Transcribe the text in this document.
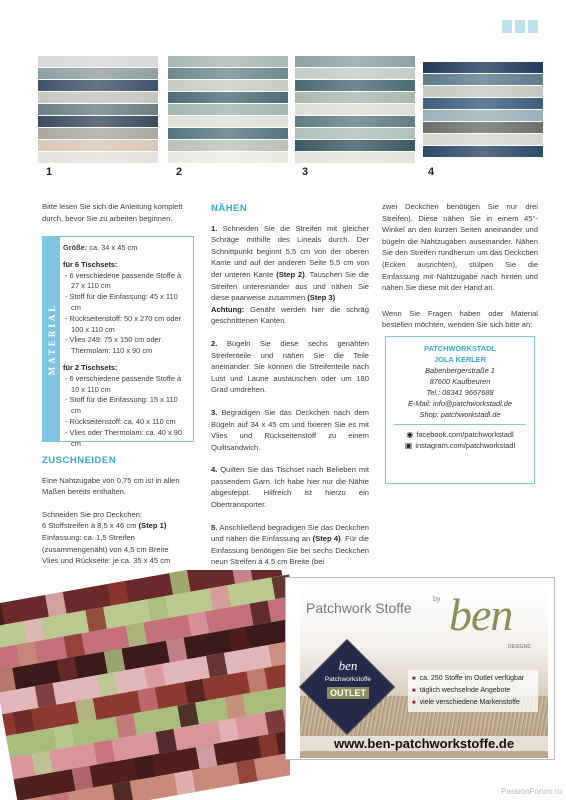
1	2	3	4

Bitte lesen Sie sich die Anleitung komplett durch, bevor Sie zu arbeiten beginnen.

MATERIAL
Größe: ca. 34 x 45 cm
für 6 Tischsets:
- 6 verschiedene passende Stoffe à 27 x 110 cm
- Stoff für die Einfassung: 45 x 110 cm
- Rückseitenstoff: 50 x 270 cm oder 100 x 110 cm
- Vlies 249: 75 x 150 cm oder Thermolam: 110 x 90 cm
für 2 Tischsets:
- 6 verschiedene passende Stoffe à 10 x 110 cm
- Stoff für die Einfassung: 15 x 110 cm
- Rückseitenstoff: ca. 40 x 110 cm
- Vlies oder Thermolam: ca. 40 x 90 cm
ZUSCHNEIDEN

Eine Nahtzugabe von 0,75 cm ist in allen Maßen bereits enthalten.

Schneiden Sie pro Deckchen:
6 Stoffstreifen à 8,5 x 46 cm (Step 1)
Einfassung: ca. 1,5 Streifen (zusammengenäht) von 4,5 cm Breite
Vlies und Rückseite: je ca. 35 x 45 cm

NÄHEN

1. Schneiden Sie die Streifen mit gleicher Schräge mithilfe des Lineals durch. Der Schnittpunkt beginnt 5,5 cm von der oberen Kante und auf der anderen Seite 5,5 cm von der unteren Kante (Step 2). Tauschen Sie die Streifen untereinander aus und nähen Sie diese paarweise zusammen (Step 3)
Achtung: Genäht werden hier die schräg geschnittenen Kanten.

2. Bügeln Sie diese sechs genähten Streifenteile und nähen Sie die Teile aneinander. Sie können die Streifenteile nach Lust und Laune austauschen oder um 180 Grad umdrehen.

3. Begradigen Sie das Deckchen nach dem Bügeln auf 34 x 45 cm und fixieren Sie es mit Vlies und Rückseitenstoff zu einem Quiltsandwich.

4. Quilten Sie das Tischset nach Belieben mit passendem Garn. Ich habe hier nur die Nähte abgesteppt. Hilfreich ist hierzu ein Obertransporter.

5. Anschließend begradigen Sie das Deckchen und nähen die Einfassung an (Step 4). Für die Einfassung benötigen Sie bei sechs Deckchen neun Streifen à 4,5 cm Breite (bei

zwei Deckchen benötigen Sie nur drei Streifen). Diese nähen Sie in einem 45°-Winkel an den kurzen Seiten aneinander und bügeln die Nahtzugaben auseinander. Nähen Sie den Streifen rundherum um das Deckchen (Ecken ausrichten), stülpen Sie die Einfassung mit Nahtzugabe nach hinten und nähen Sie diese mit der Hand an.

Wenn Sie Fragen haben oder Material bestellen möchten, wenden Sie sich bitte an:

PATCHWORKSTADL
JOLA KERLER
Babenbergerstraße 1
87600 Kaufbeuren
Tel.: 08341 9667688
E-Mail: info@patchworkstadl.de
Shop: patchworkstadl.de
◉ facebook.com/patchworkstadl
▣ instagram.com/patchworkstadl
Patchwork Stoffe
by ben
DESIGNS
ben
Patchworkstoffe
OUTLET
■ ca. 250 Stoffe im Outlet verfügbar
■ täglich wechselnde Angebote
■ viele verschiedene Markenstoffe
www.ben-patchworkstoffe.de
PassionForum.ru
